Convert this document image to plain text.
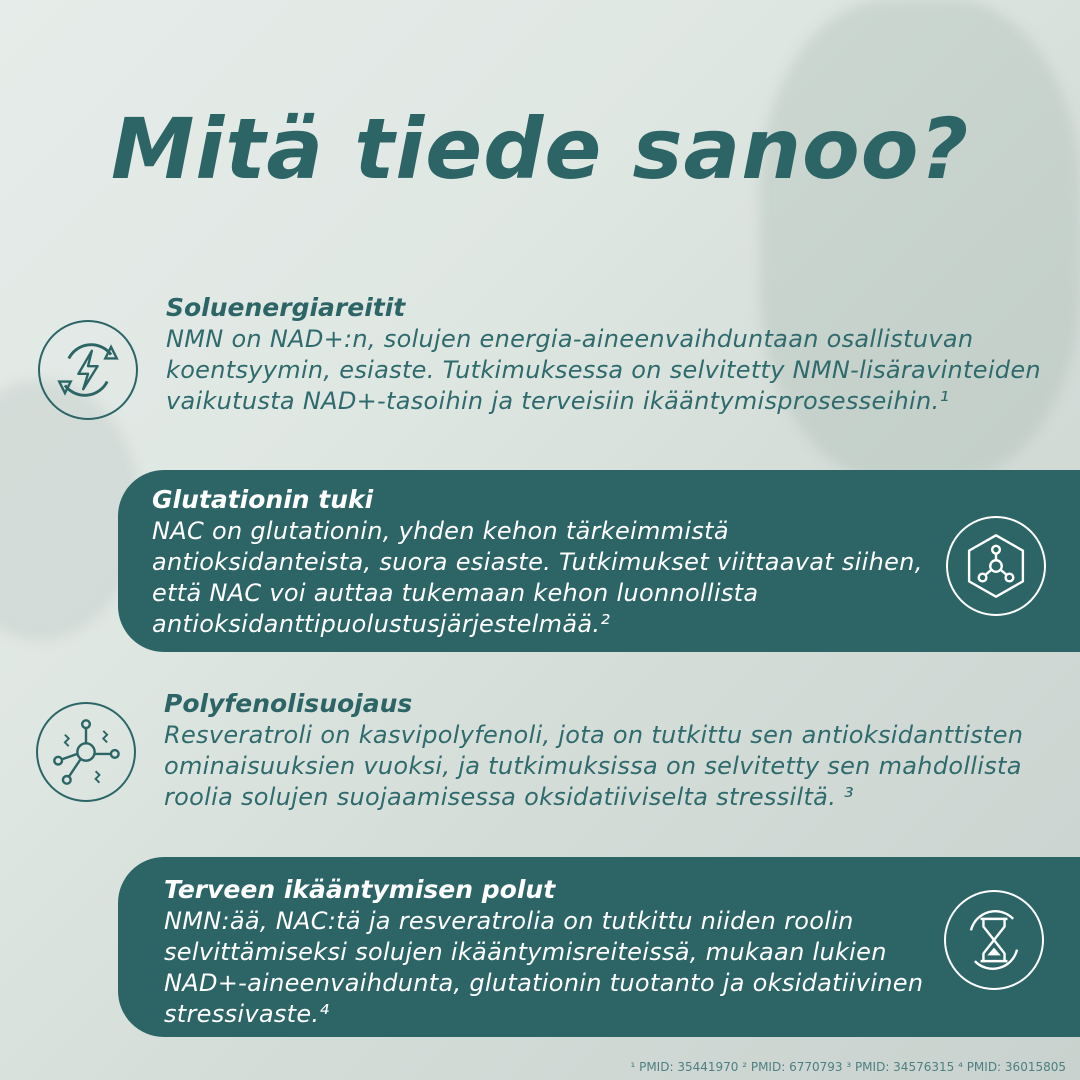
Mitä tiede sanoo?

Soluenergiareitit

NMN on NAD+:n, solujen energia-aineenvaihduntaan osallistuvan koentsyymin, esiaste. Tutkimuksessa on selvitetty NMN-lisäravinteiden vaikutusta NAD+-tasoihin ja terveisiin ikääntymisprosesseihin.¹

Glutationin tuki

NAC on glutationin, yhden kehon tärkeimmistä antioksidanteista, suora esiaste. Tutkimukset viittaavat siihen, että NAC voi auttaa tukemaan kehon luonnollista antioksidanttipuolustusjärjestelmää.²

Polyfenolisuojaus

Resveratroli on kasvipolyfenoli, jota on tutkittu sen antioksidanttisten ominaisuuksien vuoksi, ja tutkimuksissa on selvitetty sen mahdollista roolia solujen suojaamisessa oksidatiiviselta stressiltä. ³

Terveen ikääntymisen polut

NMN:ää, NAC:tä ja resveratrolia on tutkittu niiden roolin selvittämiseksi solujen ikääntymisreiteissä, mukaan lukien NAD+-aineenvaihdunta, glutationin tuotanto ja oksidatiivinen stressivaste.⁴

¹ PMID: 35441970 ² PMID: 6770793 ³ PMID: 34576315 ⁴ PMID: 36015805
